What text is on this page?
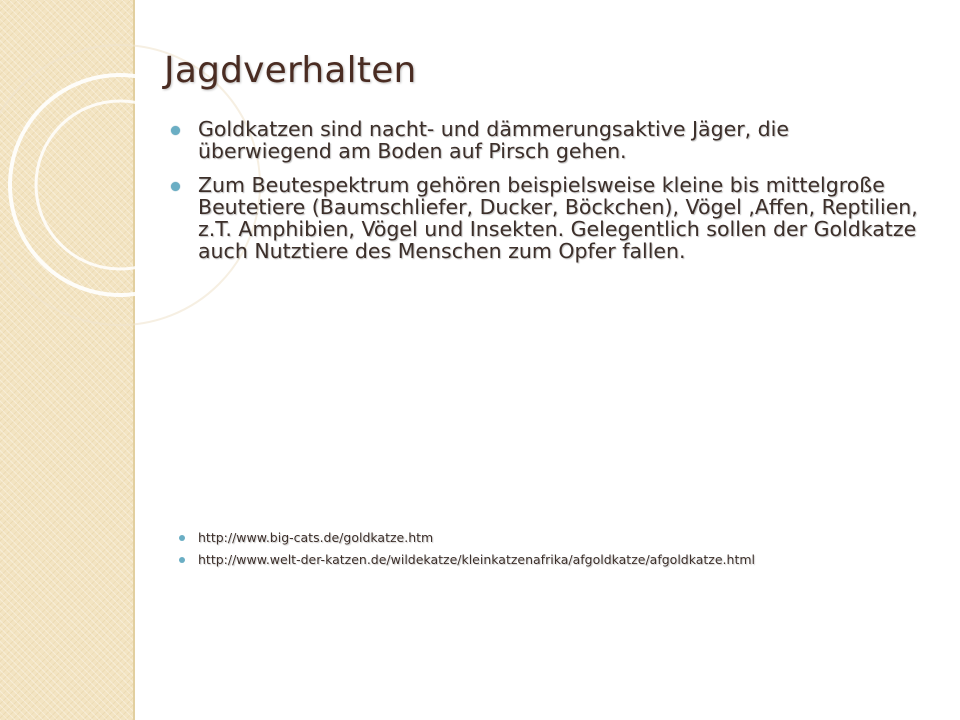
Jagdverhalten
Goldkatzen sind nacht- und dämmerungsaktive Jäger, die überwiegend am Boden auf Pirsch gehen.
Zum Beutespektrum gehören beispielsweise kleine bis mittelgroße Beutetiere (Baumschliefer, Ducker, Böckchen), Vögel ,Affen, Reptilien, z.T. Amphibien, Vögel und Insekten. Gelegentlich sollen der Goldkatze auch Nutztiere des Menschen zum Opfer fallen.
http://www.big-cats.de/goldkatze.htm
http://www.welt-der-katzen.de/wildekatze/kleinkatzenafrika/afgoldkatze/afgoldkatze.html
